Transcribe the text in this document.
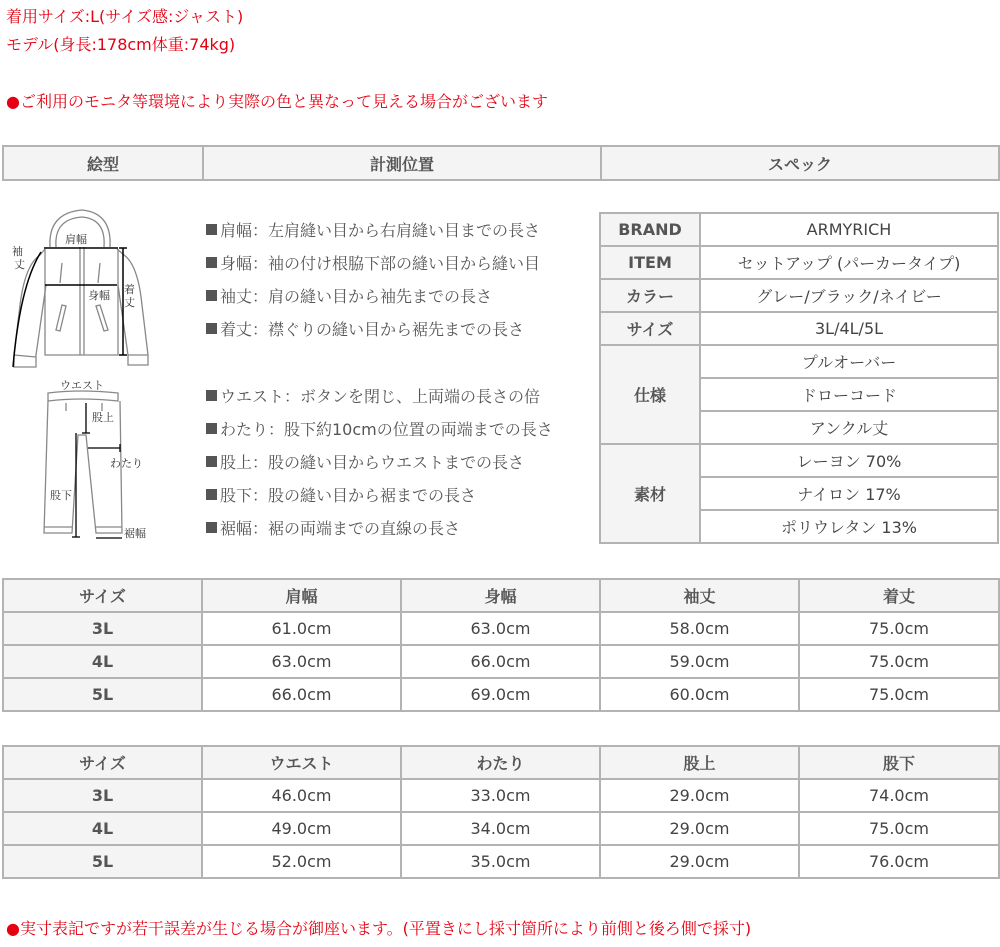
着用サイズ:L(サイズ感:ジャスト)
モデル(身長:178cm体重:74kg)
●ご利用のモニタ等環境により実際の色と異なって見える場合がございます
絵型	計測位置	スペック
肩幅
身幅
袖
丈
着
丈
ウエスト
股上
わたり
股下
裾幅
肩幅：左肩縫い目から右肩縫い目までの長さ
身幅：袖の付け根脇下部の縫い目から縫い目
袖丈：肩の縫い目から袖先までの長さ
着丈：襟ぐりの縫い目から裾先までの長さ
ウエスト：ボタンを閉じ、上両端の長さの倍
わたり：股下約10cmの位置の両端までの長さ
股上：股の縫い目からウエストまでの長さ
股下：股の縫い目から裾までの長さ
裾幅：裾の両端までの直線の長さ
BRAND	ARMYRICH
ITEM	セットアップ (パーカータイプ)
カラー	グレー/ブラック/ネイビー
サイズ	3L/4L/5L
仕様	プルオーバー
	ドローコード
	アンクル丈
素材	レーヨン 70%
	ナイロン 17%
	ポリウレタン 13%
サイズ	肩幅	身幅	袖丈	着丈
3L	61.0cm	63.0cm	58.0cm	75.0cm
4L	63.0cm	66.0cm	59.0cm	75.0cm
5L	66.0cm	69.0cm	60.0cm	75.0cm
サイズ	ウエスト	わたり	股上	股下
3L	46.0cm	33.0cm	29.0cm	74.0cm
4L	49.0cm	34.0cm	29.0cm	75.0cm
5L	52.0cm	35.0cm	29.0cm	76.0cm
●実寸表記ですが若干誤差が生じる場合が御座います。(平置きにし採寸箇所により前側と後ろ側で採寸)
